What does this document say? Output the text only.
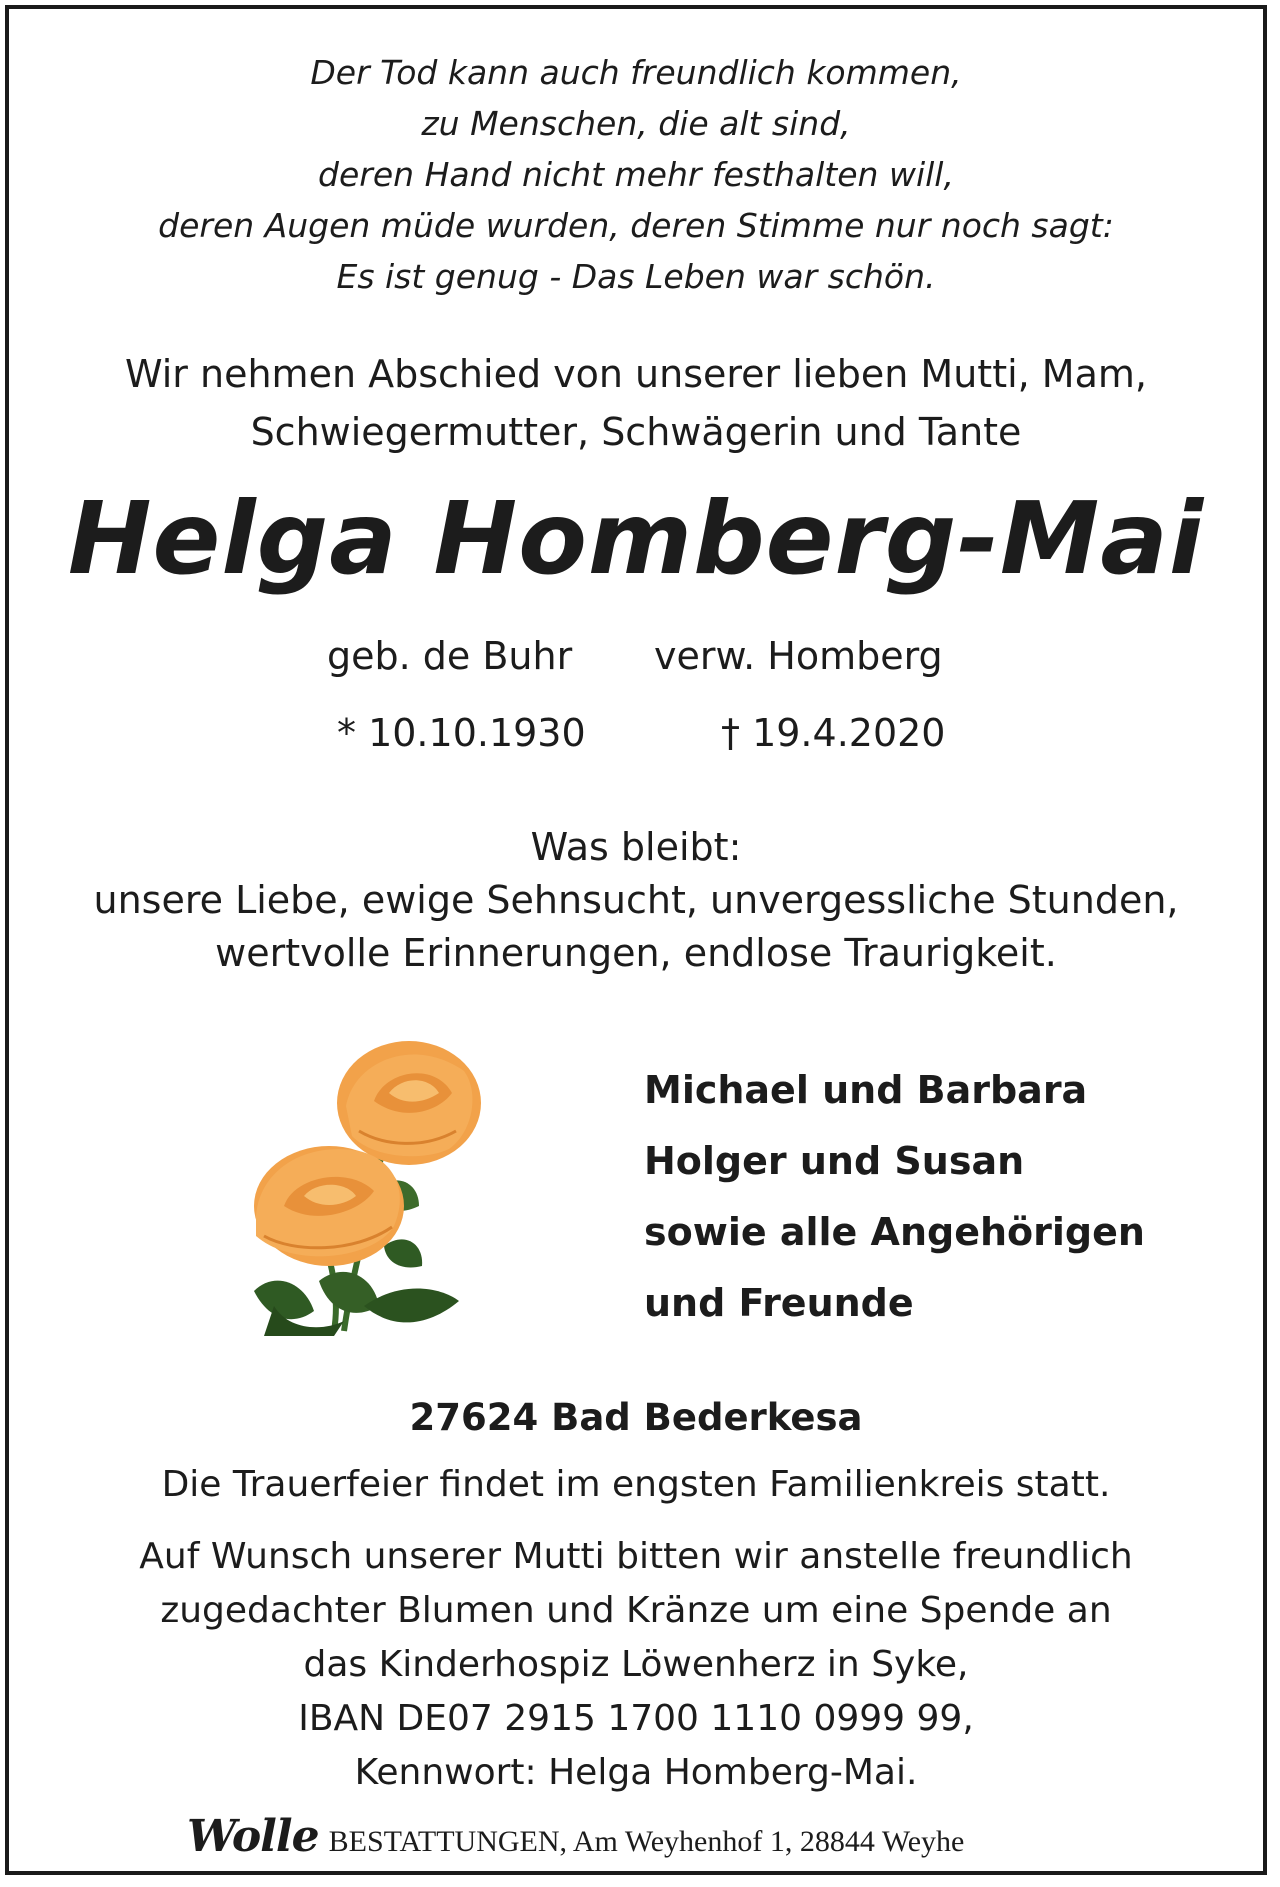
Der Tod kann auch freundlich kommen,
zu Menschen, die alt sind,
deren Hand nicht mehr festhalten will,
deren Augen müde wurden, deren Stimme nur noch sagt:
Es ist genug - Das Leben war schön.
Wir nehmen Abschied von unserer lieben Mutti, Mam,
Schwiegermutter, Schwägerin und Tante
Helga Homberg-Mai
geb. de Buhr verw. Homberg
* 10.10.1930	† 19.4.2020
Was bleibt:
unsere Liebe, ewige Sehnsucht, unvergessliche Stunden,
wertvolle Erinnerungen, endlose Traurigkeit.
Michael und Barbara
Holger und Susan
sowie alle Angehörigen
und Freunde
27624 Bad Bederkesa
Die Trauerfeier findet im engsten Familienkreis statt.
Auf Wunsch unserer Mutti bitten wir anstelle freundlich
zugedachter Blumen und Kränze um eine Spende an
das Kinderhospiz Löwenherz in Syke,
IBAN DE07 2915 1700 1110 0999 99,
Kennwort: Helga Homberg-Mai.
Wolle BESTATTUNGEN, Am Weyhenhof 1, 28844 Weyhe
